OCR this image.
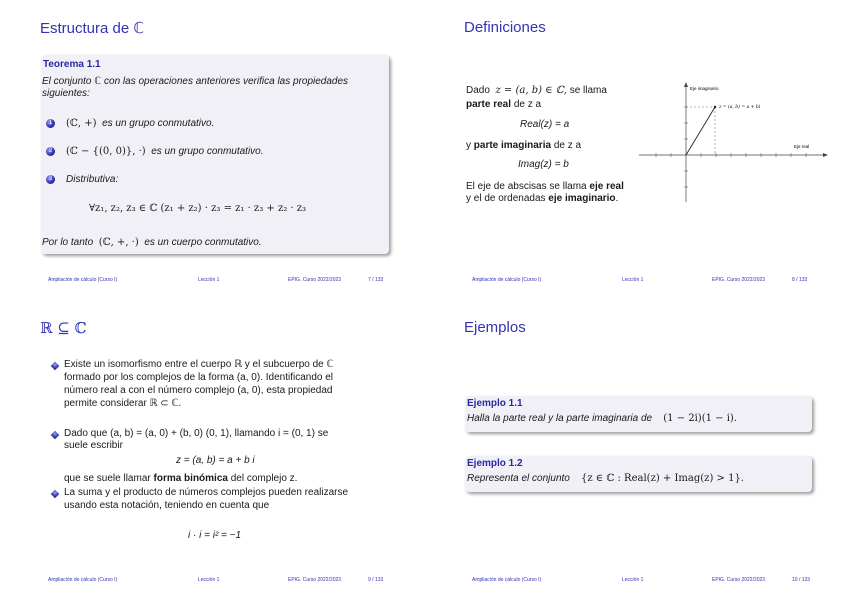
Estructura de ℂ
Teorema 1.1
El conjunto ℂ con las operaciones anteriores verifica las propiedades
siguientes:
1 (ℂ, +) es un grupo conmutativo.
2 (ℂ − {(0, 0)}, ·) es un grupo conmutativo.
3 Distributiva:
∀z₁, z₂, z₃ ∈ ℂ (z₁ + z₂) · z₃ = z₁ · z₃ + z₂ · z₃
Por lo tanto (ℂ, +, ·) es un cuerpo conmutativo.
Ampliación de cálculo (Curso I)	Lección 1	EPIG. Curso 2022/2023	7 / 133
Definiciones
Dado z = (a, b) ∈ ℂ, se llama
parte real de z a
Real(z) = a
y parte imaginaria de z a
Imag(z) = b
El eje de abscisas se llama eje real y el de ordenadas eje imaginario.
Eje imaginario
Eje real
z = (a, b) = a + bi
Ampliación de cálculo (Curso I)	Lección 1	EPIG. Curso 2022/2023	8 / 133
ℝ ⊆ ℂ
Existe un isomorfismo entre el cuerpo ℝ y el subcuerpo de ℂ
formado por los complejos de la forma (a, 0). Identificando el
número real a con el número complejo (a, 0), esta propiedad
permite considerar ℝ ⊂ ℂ.
Dado que (a, b) = (a, 0) + (b, 0) (0, 1), llamando i = (0, 1) se
suele escribir
z = (a, b) = a + b i
que se suele llamar forma binómica del complejo z.
La suma y el producto de números complejos pueden realizarse
usando esta notación, teniendo en cuenta que
i · i = i² = −1
Ampliación de cálculo (Curso I)	Lección 1	EPIG. Curso 2022/2023	9 / 133
Ejemplos
Ejemplo 1.1
Halla la parte real y la parte imaginaria de (1 − 2i)(1 − i).
Ejemplo 1.2
Representa el conjunto {z ∈ ℂ : Real(z) + Imag(z) > 1}.
Ampliación de cálculo (Curso I)	Lección 1	EPIG. Curso 2022/2023	10 / 133
